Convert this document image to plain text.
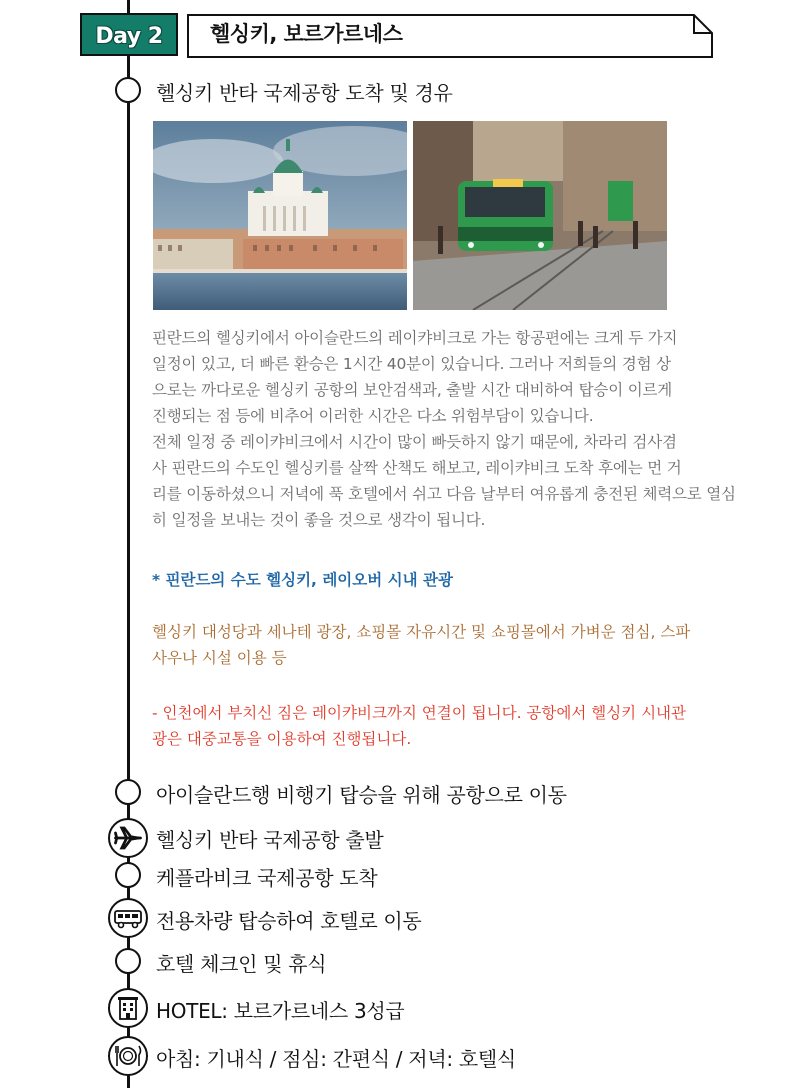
Day 2	헬싱키, 보르가르네스
헬싱키 반타 국제공항 도착 및 경유
핀란드의 헬싱키에서 아이슬란드의 레이캬비크로 가는 항공편에는 크게 두 가지
일정이 있고, 더 빠른 환승은 1시간 40분이 있습니다. 그러나 저희들의 경험 상
으로는 까다로운 헬싱키 공항의 보안검색과, 출발 시간 대비하여 탑승이 이르게
진행되는 점 등에 비추어 이러한 시간은 다소 위험부담이 있습니다.
전체 일정 중 레이캬비크에서 시간이 많이 빠듯하지 않기 때문에, 차라리 검사겸
사 핀란드의 수도인 헬싱키를 살짝 산책도 해보고, 레이캬비크 도착 후에는 먼 거
리를 이동하셨으니 저녁에 푹 호텔에서 쉬고 다음 날부터 여유롭게 충전된 체력으로 열심
히 일정을 보내는 것이 좋을 것으로 생각이 됩니다.
* 핀란드의 수도 헬싱키, 레이오버 시내 관광
헬싱키 대성당과 세나테 광장, 쇼핑몰 자유시간 및 쇼핑몰에서 가벼운 점심, 스파
사우나 시설 이용 등
- 인천에서 부치신 짐은 레이캬비크까지 연결이 됩니다. 공항에서 헬싱키 시내관
광은 대중교통을 이용하여 진행됩니다.
아이슬란드행 비행기 탑승을 위해 공항으로 이동
헬싱키 반타 국제공항 출발
케플라비크 국제공항 도착
전용차량 탑승하여 호텔로 이동
호텔 체크인 및 휴식
HOTEL: 보르가르네스 3성급
아침: 기내식 / 점심: 간편식 / 저녁: 호텔식
